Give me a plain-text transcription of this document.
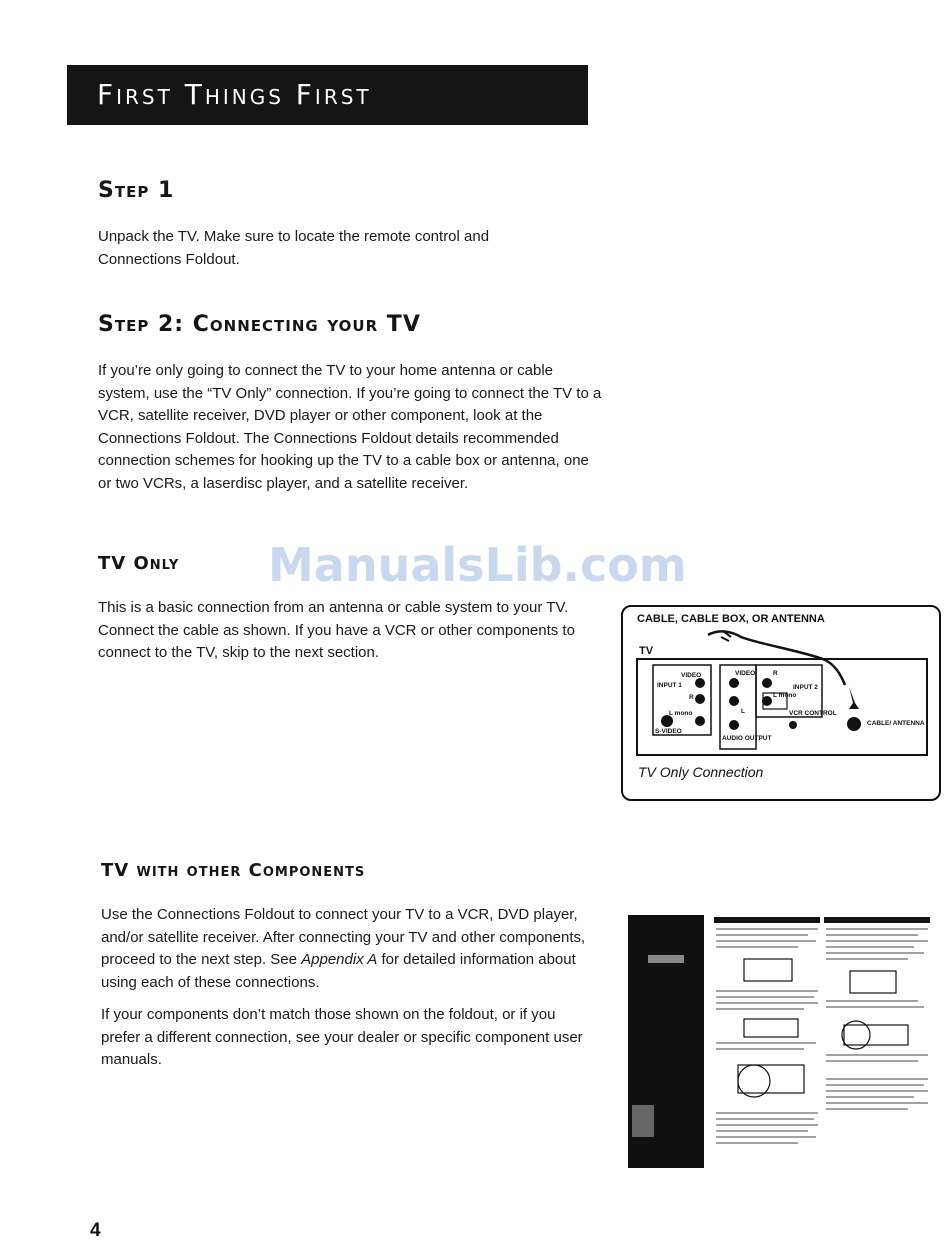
First Things First
Step 1
Unpack the TV. Make sure to locate the remote control and Connections Foldout.
Step 2: Connecting your TV
If you’re only going to connect the TV to your home antenna or cable system, use the “TV Only” connection. If you’re going to connect the TV to a VCR, satellite receiver, DVD player or other component, look at the Connections Foldout. The Connections Foldout details recommended connection schemes for hooking up the TV to a cable box or antenna, one or two VCRs, a laserdisc player, and a satellite receiver.
TV Only ManualsLib.com
This is a basic connection from an antenna or cable system to your TV. Connect the cable as shown. If you have a VCR or other components to connect to the TV, skip to the next section.
CABLE, CABLE BOX, OR ANTENNA
TV
VIDEO
INPUT 1
R
L mono
S-VIDEO
VIDEO	R
INPUT 2
L mono
L	VCR CONTROL
AUDIO OUTPUT
CABLE/ ANTENNA
TV Only Connection
TV with other Components
Use the Connections Foldout to connect your TV to a VCR, DVD player, and/or satellite receiver. After connecting your TV and other components, proceed to the next step. See Appendix A for detailed information about using each of these connections.
If your components don’t match those shown on the foldout, or if you prefer a different connection, see your dealer or specific component user manuals.
4
